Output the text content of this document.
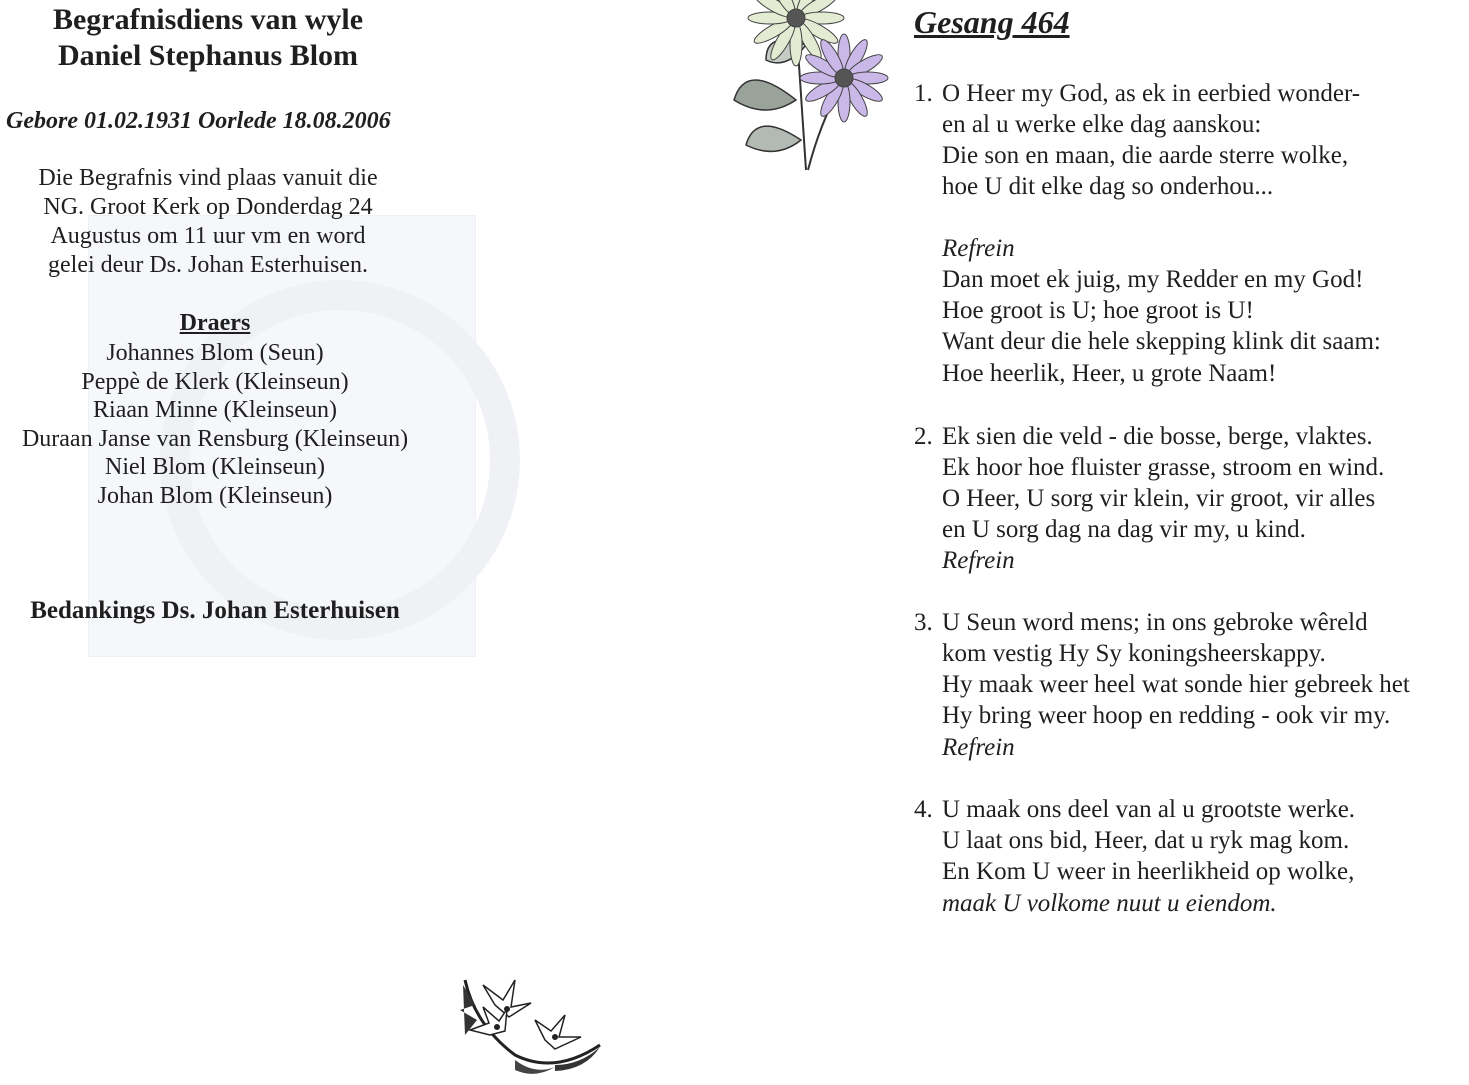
Begrafnisdiens van wyle
Daniel Stephanus Blom
Gebore 01.02.1931 Oorlede 18.08.2006
Die Begrafnis vind plaas vanuit die
NG. Groot Kerk op Donderdag 24
Augustus om 11 uur vm en word
gelei deur Ds. Johan Esterhuisen.
Draers
Johannes Blom (Seun)
Peppè de Klerk (Kleinseun)
Riaan Minne (Kleinseun)
Duraan Janse van Rensburg (Kleinseun)
Niel Blom (Kleinseun)
Johan Blom (Kleinseun)
Bedankings Ds. Johan Esterhuisen
Gesang 464
1. O Heer my God, as ek in eerbied wonder-
en al u werke elke dag aanskou:
Die son en maan, die aarde sterre wolke,
hoe U dit elke dag so onderhou...
Refrein
Dan moet ek juig, my Redder en my God!
Hoe groot is U; hoe groot is U!
Want deur die hele skepping klink dit saam:
Hoe heerlik, Heer, u grote Naam!
2. Ek sien die veld - die bosse, berge, vlaktes.
Ek hoor hoe fluister grasse, stroom en wind.
O Heer, U sorg vir klein, vir groot, vir alles
en U sorg dag na dag vir my, u kind.
Refrein
3. U Seun word mens; in ons gebroke wêreld
kom vestig Hy Sy koningsheerskappy.
Hy maak weer heel wat sonde hier gebreek het
Hy bring weer hoop en redding - ook vir my.
Refrein
4. U maak ons deel van al u grootste werke.
U laat ons bid, Heer, dat u ryk mag kom.
En Kom U weer in heerlikheid op wolke,
maak U volkome nuut u eiendom.
